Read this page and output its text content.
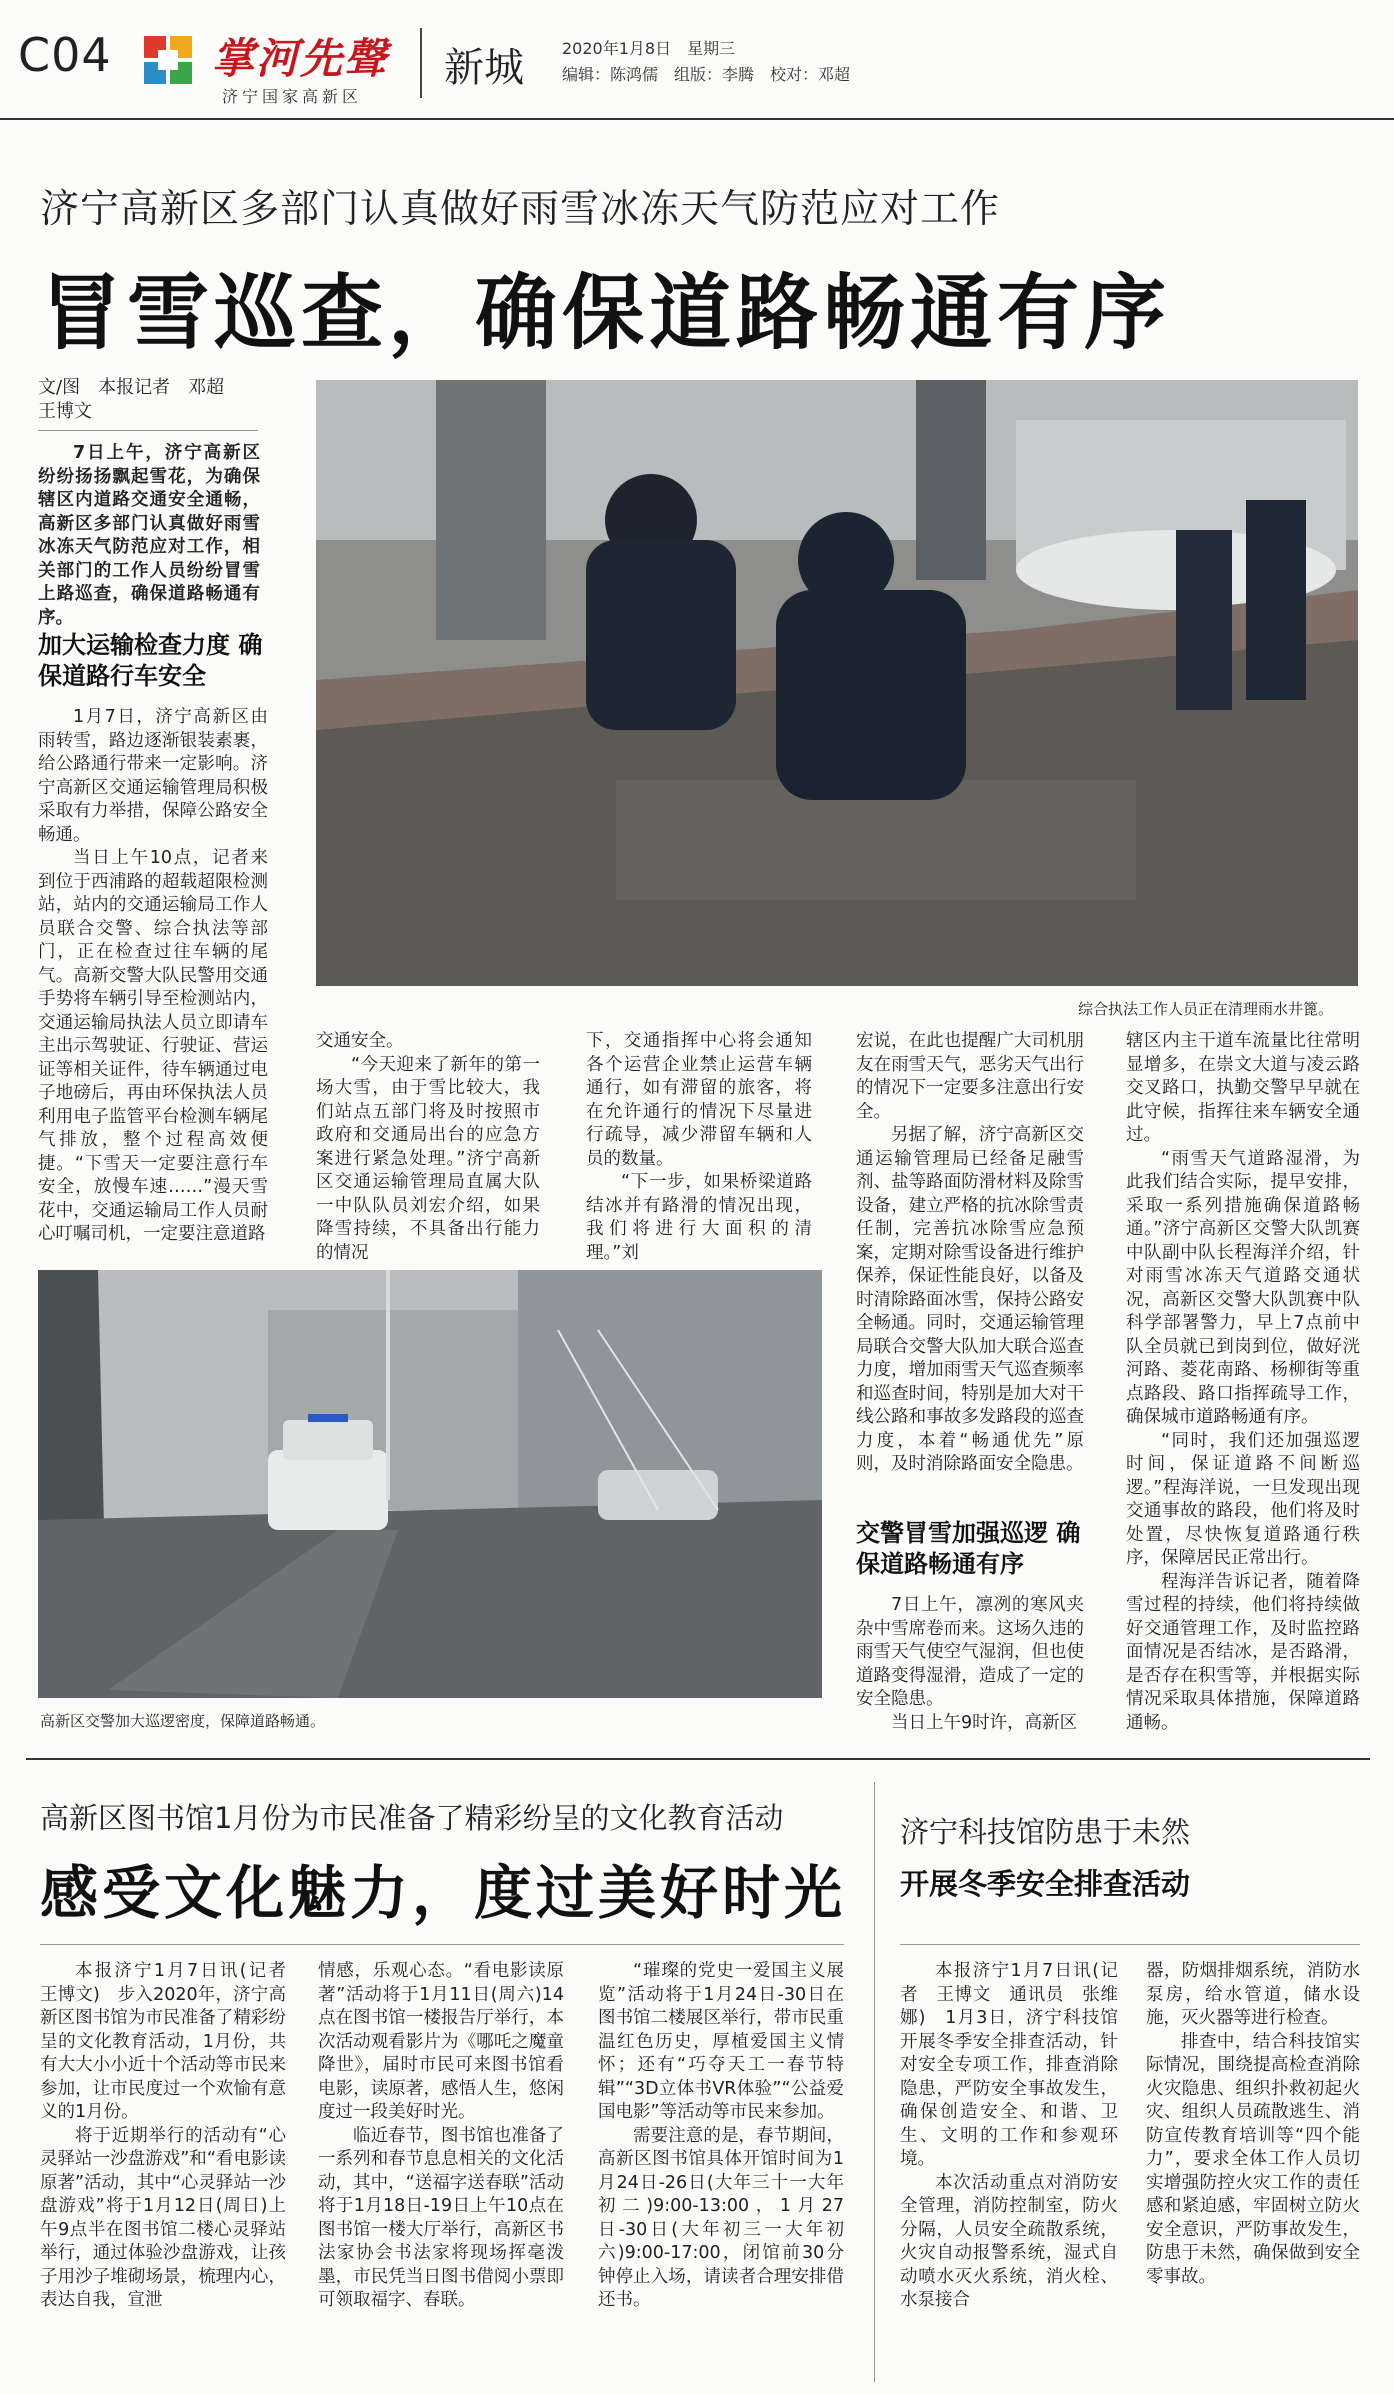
C04 掌河先聲
济宁国家高新区
新城 2020年1月8日　星期三
编辑：陈鸿儒　组版：李腾　校对：邓超
济宁高新区多部门认真做好雨雪冰冻天气防范应对工作
冒雪巡查，确保道路畅通有序
文/图　本报记者　邓超　王博文

7日上午，济宁高新区纷纷扬扬飘起雪花，为确保辖区内道路交通安全通畅，高新区多部门认真做好雨雪冰冻天气防范应对工作，相关部门的工作人员纷纷冒雪上路巡查，确保道路畅通有序。

加大运输检查力度 确保道路行车安全

1月7日，济宁高新区由雨转雪，路边逐渐银装素裹，给公路通行带来一定影响。济宁高新区交通运输管理局积极采取有力举措，保障公路安全畅通。

当日上午10点，记者来到位于西浦路的超载超限检测站，站内的交通运输局工作人员联合交警、综合执法等部门，正在检查过往车辆的尾气。高新交警大队民警用交通手势将车辆引导至检测站内，交通运输局执法人员立即请车主出示驾驶证、行驶证、营运证等相关证件，待车辆通过电子地磅后，再由环保执法人员利用电子监管平台检测车辆尾气排放，整个过程高效便捷。“下雪天一定要注意行车安全，放慢车速……”漫天雪花中，交通运输局工作人员耐心叮嘱司机，一定要注意道路

综合执法工作人员正在清理雨水井篦。

交通安全。

“今天迎来了新年的第一场大雪，由于雪比较大，我们站点五部门将及时按照市政府和交通局出台的应急方案进行紧急处理。”济宁高新区交通运输管理局直属大队一中队队员刘宏介绍，如果降雪持续，不具备出行能力的情况

下，交通指挥中心将会通知各个运营企业禁止运营车辆通行，如有滞留的旅客，将在允许通行的情况下尽量进行疏导，减少滞留车辆和人员的数量。

“下一步，如果桥梁道路结冰并有路滑的情况出现，我们将进行大面积的清理。”刘

高新区交警加大巡逻密度，保障道路畅通。

宏说，在此也提醒广大司机朋友在雨雪天气，恶劣天气出行的情况下一定要多注意出行安全。

另据了解，济宁高新区交通运输管理局已经备足融雪剂、盐等路面防滑材料及除雪设备，建立严格的抗冰除雪责任制，完善抗冰除雪应急预案，定期对除雪设备进行维护保养，保证性能良好，以备及时清除路面冰雪，保持公路安全畅通。同时，交通运输管理局联合交警大队加大联合巡查力度，增加雨雪天气巡查频率和巡查时间，特别是加大对干线公路和事故多发路段的巡查力度，本着“畅通优先”原则，及时消除路面安全隐患。

交警冒雪加强巡逻 确保道路畅通有序

7日上午，凛冽的寒风夹杂中雪席卷而来。这场久违的雨雪天气使空气湿润，但也使道路变得湿滑，造成了一定的安全隐患。

当日上午9时许，高新区

辖区内主干道车流量比往常明显增多，在崇文大道与凌云路交叉路口，执勤交警早早就在此守候，指挥往来车辆安全通过。

“雨雪天气道路湿滑，为此我们结合实际，提早安排，采取一系列措施确保道路畅通。”济宁高新区交警大队凯赛中队副中队长程海洋介绍，针对雨雪冰冻天气道路交通状况，高新区交警大队凯赛中队科学部署警力，早上7点前中队全员就已到岗到位，做好洸河路、菱花南路、杨柳街等重点路段、路口指挥疏导工作，确保城市道路畅通有序。

“同时，我们还加强巡逻时间，保证道路不间断巡逻。”程海洋说，一旦发现出现交通事故的路段，他们将及时处置，尽快恢复道路通行秩序，保障居民正常出行。

程海洋告诉记者，随着降雪过程的持续，他们将持续做好交通管理工作，及时监控路面情况是否结冰，是否路滑，是否存在积雪等，并根据实际情况采取具体措施，保障道路通畅。

高新区图书馆1月份为市民准备了精彩纷呈的文化教育活动
感受文化魅力，度过美好时光

本报济宁1月7日讯(记者　王博文)　步入2020年，济宁高新区图书馆为市民准备了精彩纷呈的文化教育活动，1月份，共有大大小小近十个活动等市民来参加，让市民度过一个欢愉有意义的1月份。

将于近期举行的活动有“心灵驿站一沙盘游戏”和“看电影读原著”活动，其中“心灵驿站一沙盘游戏”将于1月12日(周日)上午9点半在图书馆二楼心灵驿站举行，通过体验沙盘游戏，让孩子用沙子堆砌场景，梳理内心，表达自我，宣泄

情感，乐观心态。“看电影读原著”活动将于1月11日(周六)14点在图书馆一楼报告厅举行，本次活动观看影片为《哪吒之魔童降世》，届时市民可来图书馆看电影，读原著，感悟人生，悠闲度过一段美好时光。

临近春节，图书馆也准备了一系列和春节息息相关的文化活动，其中，“送福字送春联”活动将于1月18日-19日上午10点在图书馆一楼大厅举行，高新区书法家协会书法家将现场挥毫泼墨，市民凭当日图书借阅小票即可领取福字、春联。

“璀璨的党史一爱国主义展览”活动将于1月24日-30日在图书馆二楼展区举行，带市民重温红色历史，厚植爱国主义情怀；还有“巧夺天工一春节特辑”“3D立体书VR体验”“公益爱国电影”等活动等市民来参加。

需要注意的是，春节期间，高新区图书馆具体开馆时间为1月24日-26日(大年三十一大年初二)9:00-13:00，1月27日-30日(大年初三一大年初六)9:00-17:00，闭馆前30分钟停止入场，请读者合理安排借还书。

济宁科技馆防患于未然
开展冬季安全排查活动

本报济宁1月7日讯(记者　王博文　通讯员　张维娜)　1月3日，济宁科技馆开展冬季安全排查活动，针对安全专项工作，排查消除隐患，严防安全事故发生，确保创造安全、和谐、卫生、文明的工作和参观环境。

本次活动重点对消防安全管理，消防控制室，防火分隔，人员安全疏散系统，火灾自动报警系统，湿式自动喷水灭火系统，消火栓、水泵接合

器，防烟排烟系统，消防水泵房，给水管道，储水设施，灭火器等进行检查。

排查中，结合科技馆实际情况，围绕提高检查消除火灾隐患、组织扑救初起火灾、组织人员疏散逃生、消防宣传教育培训等“四个能力”，要求全体工作人员切实增强防控火灾工作的责任感和紧迫感，牢固树立防火安全意识，严防事故发生，防患于未然，确保做到安全零事故。
